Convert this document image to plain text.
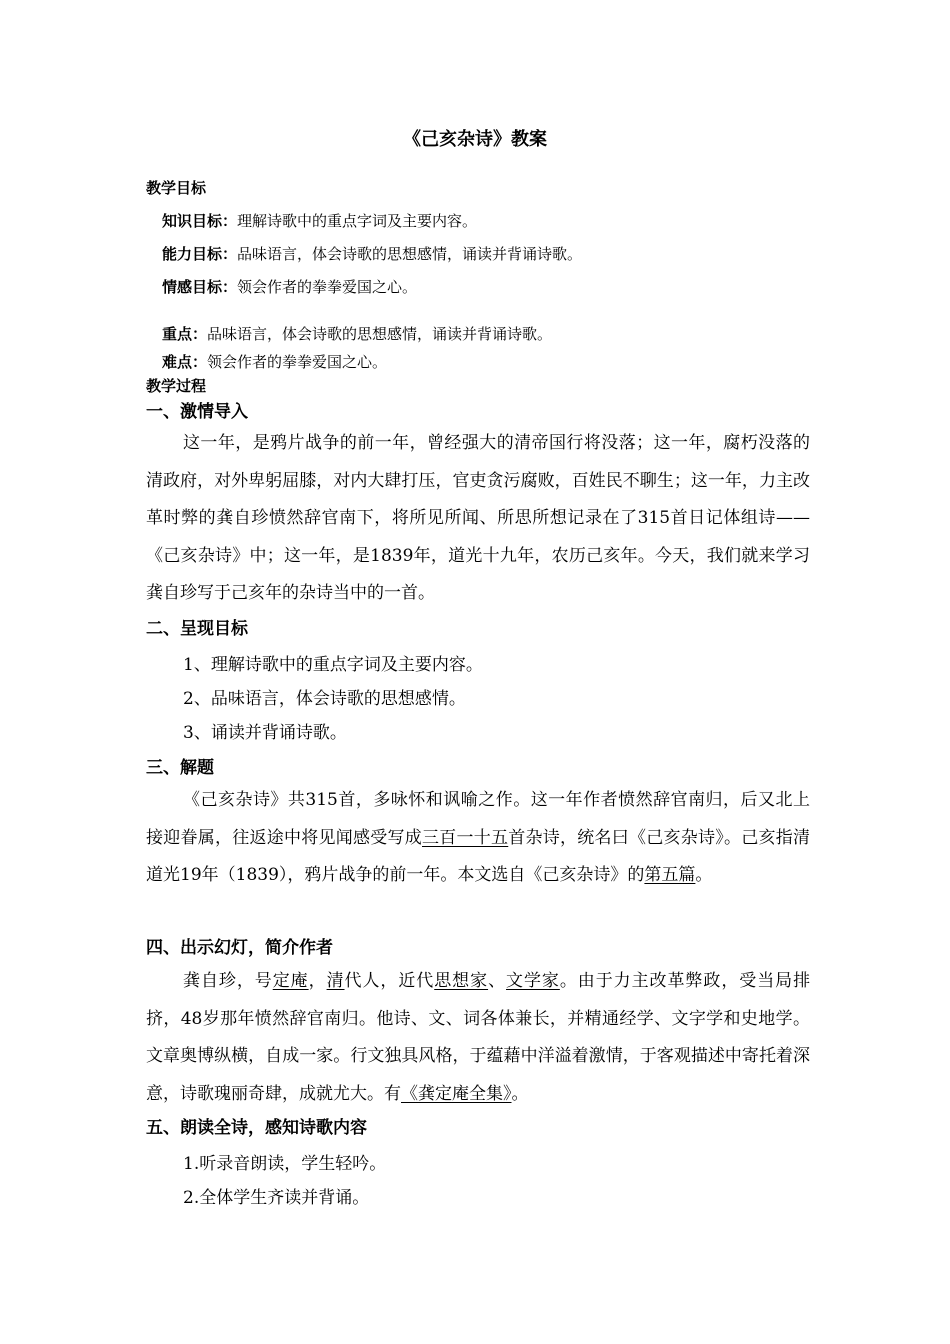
《己亥杂诗》教案
教学目标
知识目标：理解诗歌中的重点字词及主要内容。
能力目标：品味语言，体会诗歌的思想感情，诵读并背诵诗歌。
情感目标：领会作者的拳拳爱国之心。
重点：品味语言，体会诗歌的思想感情，诵读并背诵诗歌。
难点：领会作者的拳拳爱国之心。
教学过程
一、激情导入
这一年，是鸦片战争的前一年，曾经强大的清帝国行将没落；这一年，腐朽没落的清政府，对外卑躬屈膝，对内大肆打压，官吏贪污腐败，百姓民不聊生；这一年，力主改革时弊的龚自珍愤然辞官南下，将所见所闻、所思所想记录在了315首日记体组诗——《己亥杂诗》中；这一年，是1839年，道光十九年，农历己亥年。今天，我们就来学习龚自珍写于己亥年的杂诗当中的一首。
二、呈现目标
1、理解诗歌中的重点字词及主要内容。
2、品味语言，体会诗歌的思想感情。
3、诵读并背诵诗歌。
三、解题
《己亥杂诗》共315首，多咏怀和讽喻之作。这一年作者愤然辞官南归，后又北上接迎眷属，往返途中将见闻感受写成三百一十五首杂诗，统名曰《己亥杂诗》。己亥指清道光19年（1839），鸦片战争的前一年。本文选自《己亥杂诗》的第五篇。
四、出示幻灯，简介作者
龚自珍，号定庵，清代人，近代思想家、文学家。由于力主改革弊政，受当局排挤，48岁那年愤然辞官南归。他诗、文、词各体兼长，并精通经学、文字学和史地学。文章奥博纵横，自成一家。行文独具风格，于蕴藉中洋溢着激情，于客观描述中寄托着深意，诗歌瑰丽奇肆，成就尤大。有《龚定庵全集》。
五、朗读全诗，感知诗歌内容
1.听录音朗读，学生轻吟。
2.全体学生齐读并背诵。
